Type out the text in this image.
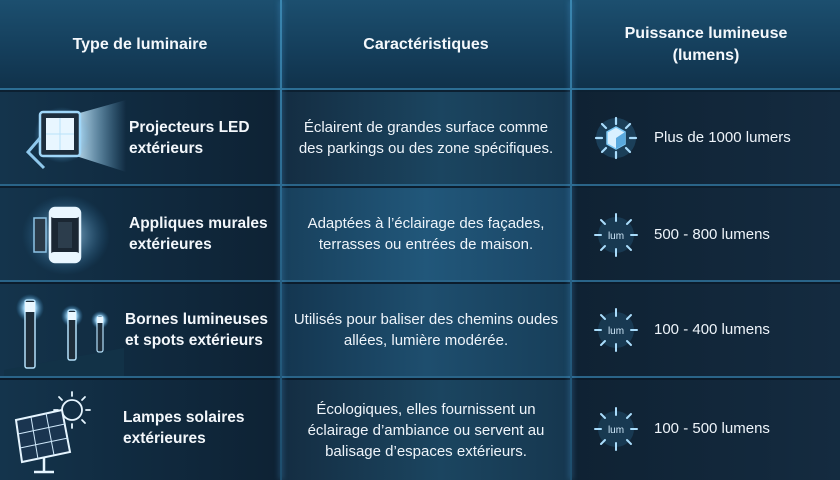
Type de luminaire	Caractéristiques
Puissance lumineuse
(lumens)
Projecteurs LED
extérieurs
Éclairent de grandes surface comme
des parkings ou des zone spécifiques.
Plus de 1000 lumers
Appliques murales
extérieures
Adaptées à l’éclairage des façades,
terrasses ou entrées de maison.	lum 500 - 800 lumens
Bornes lumineuses
et spots extérieurs
Utilisés pour baliser des chemins oudes
allées, lumière modérée.
lum 100 - 400 lumens
Lampes solaires
extérieures
Écologiques, elles fournissent un
éclairage d’ambiance ou servent au
balisage d’espaces extérieurs.
lum 100 - 500 lumens
